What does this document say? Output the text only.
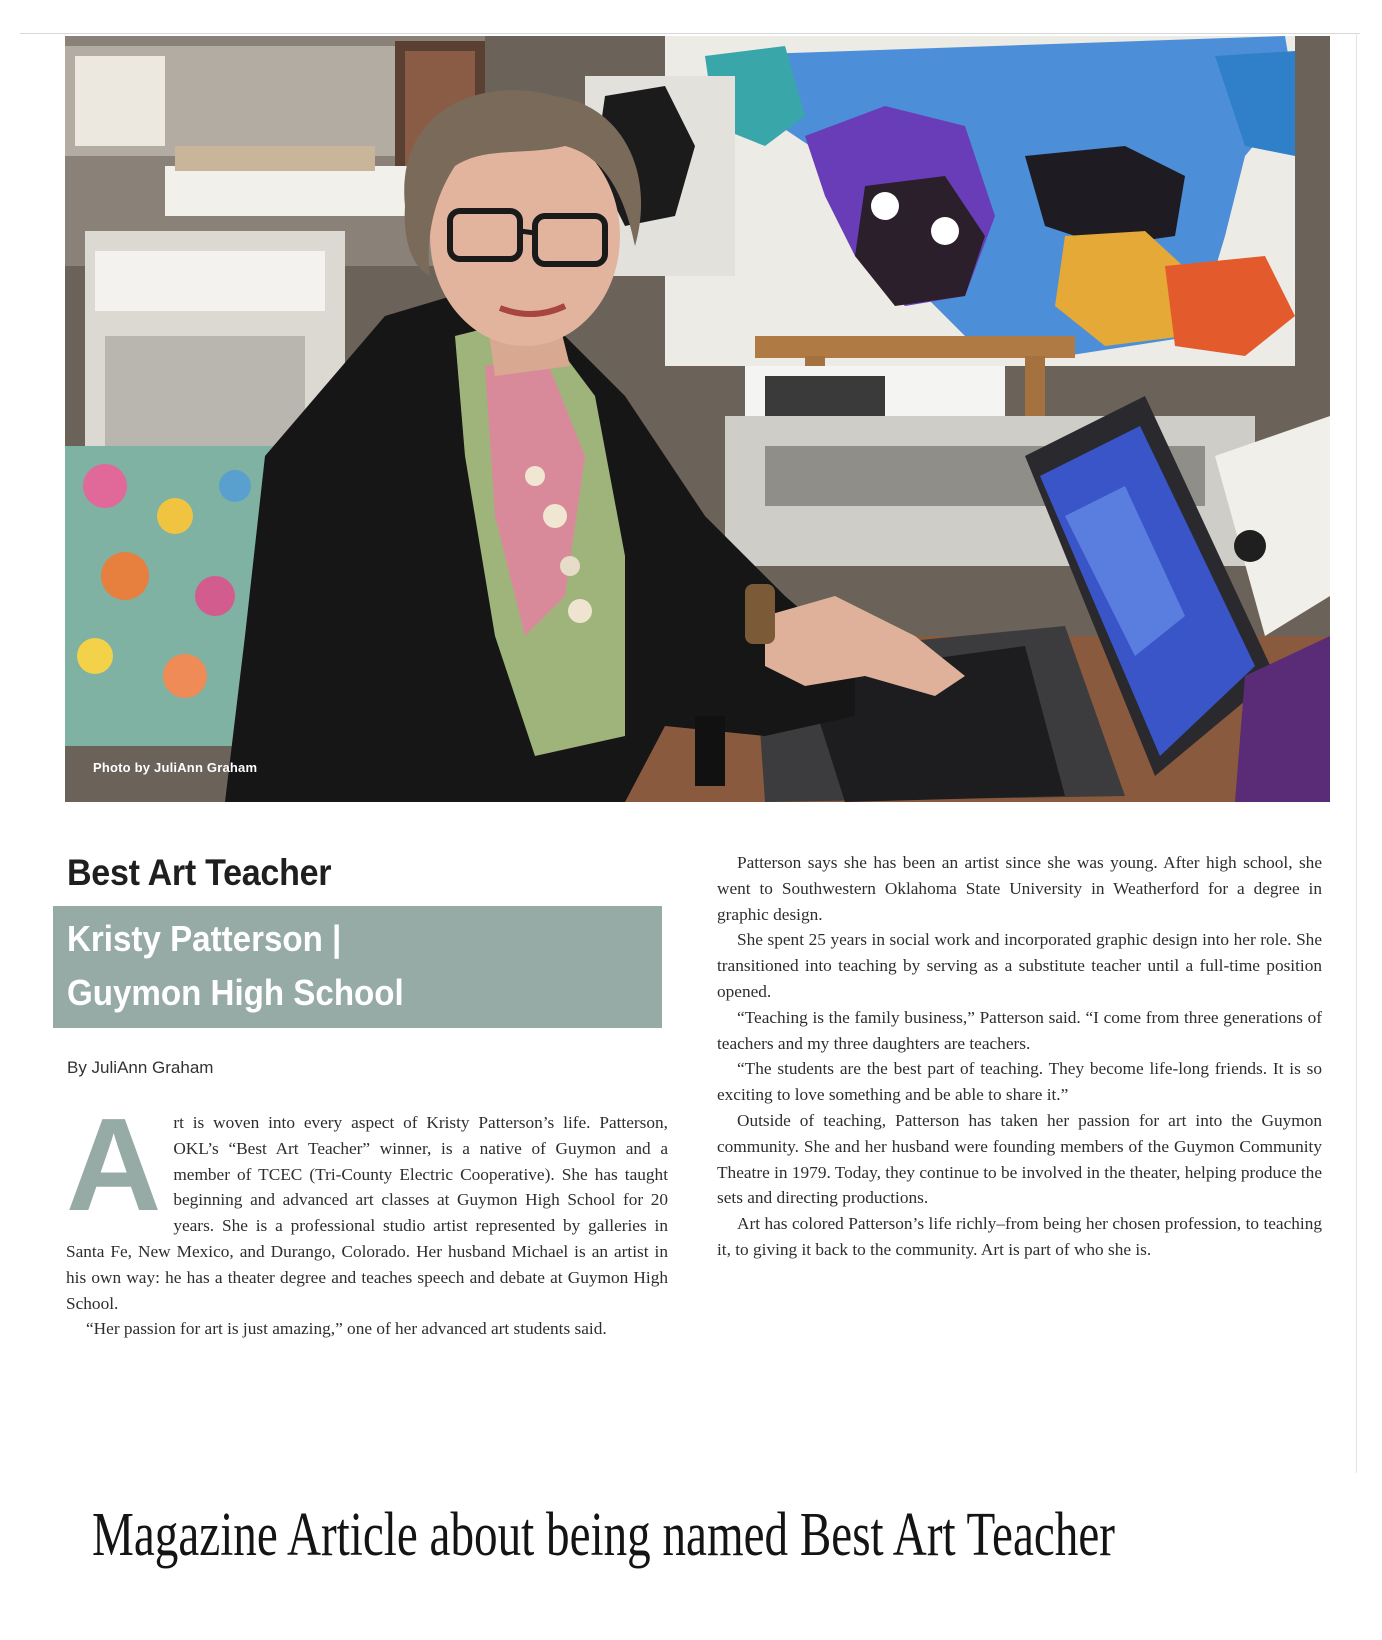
Photo by JuliAnn Graham
Best Art Teacher
Kristy Patterson |
Guymon High School
By JuliAnn Graham

Art is woven into every aspect of Kristy Patterson’s life. Patterson, OKL’s “Best Art Teacher” winner, is a native of Guymon and a member of TCEC (Tri-County Electric Cooperative). She has taught beginning and advanced art classes at Guymon High School for 20 years. She is a professional studio artist represented by galleries in Santa Fe, New Mexico, and Durango, Colorado. Her husband Michael is an artist in his own way: he has a theater degree and teaches speech and debate at Guymon High School.

“Her passion for art is just amazing,” one of her advanced art students said.

Patterson says she has been an artist since she was young. After high school, she went to Southwestern Oklahoma State University in Weatherford for a degree in graphic design.

She spent 25 years in social work and incorporated graphic design into her role. She transitioned into teaching by serving as a substitute teacher until a full-time position opened.

“Teaching is the family business,” Patterson said. “I come from three generations of teachers and my three daughters are teachers.

“The students are the best part of teaching. They become life-long friends. It is so exciting to love something and be able to share it.”

Outside of teaching, Patterson has taken her passion for art into the Guymon community. She and her husband were founding members of the Guymon Community Theatre in 1979. Today, they continue to be involved in the theater, helping produce the sets and directing productions.

Art has colored Patterson’s life richly–from being her chosen profession, to teaching it, to giving it back to the community. Art is part of who she is.

Magazine Article about being named Best Art Teacher
